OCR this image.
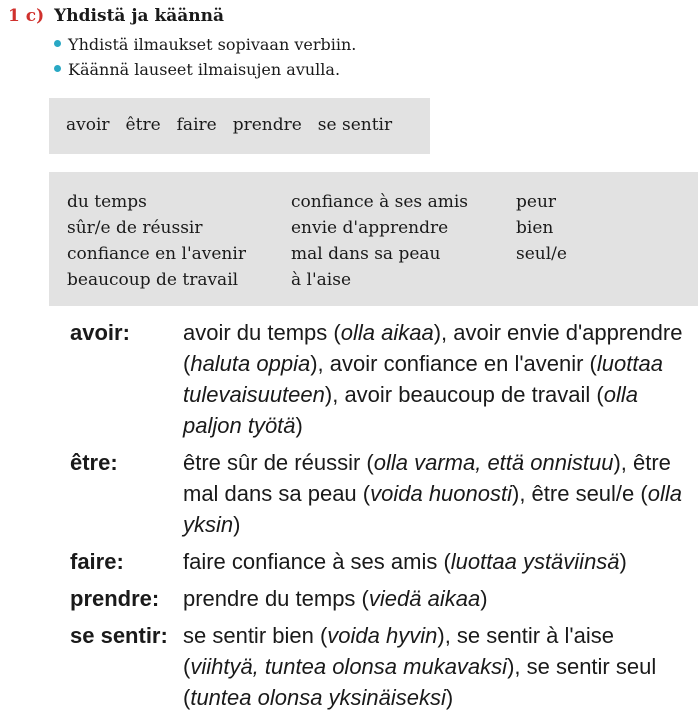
1 c) Yhdistä ja käännä
Yhdistä ilmaukset sopivaan verbiin.
Käännä lauseet ilmaisujen avulla.
avoir être faire prendre se sentir
du temps
sûr/e de réussir
confiance en l'avenir
beaucoup de travail
confiance à ses amis
envie d'apprendre
mal dans sa peau
à l'aise
peur
bien
seul/e
avoir: avoir du temps (olla aikaa), avoir envie d'apprendre (haluta oppia), avoir confiance en l'avenir (luottaa tulevaisuuteen), avoir beaucoup de travail (olla paljon työtä)
être:	être sûr de réussir (olla varma, että onnistuu), être mal dans sa peau (voida huonosti), être seul/e (olla yksin)
faire:	faire confiance à ses amis (luottaa ystäviinsä)
prendre: prendre du temps (viedä aikaa)
se sentir: se sentir bien (voida hyvin), se sentir à l'aise (viihtyä, tuntea olonsa mukavaksi), se sentir seul (tuntea olonsa yksinäiseksi)
